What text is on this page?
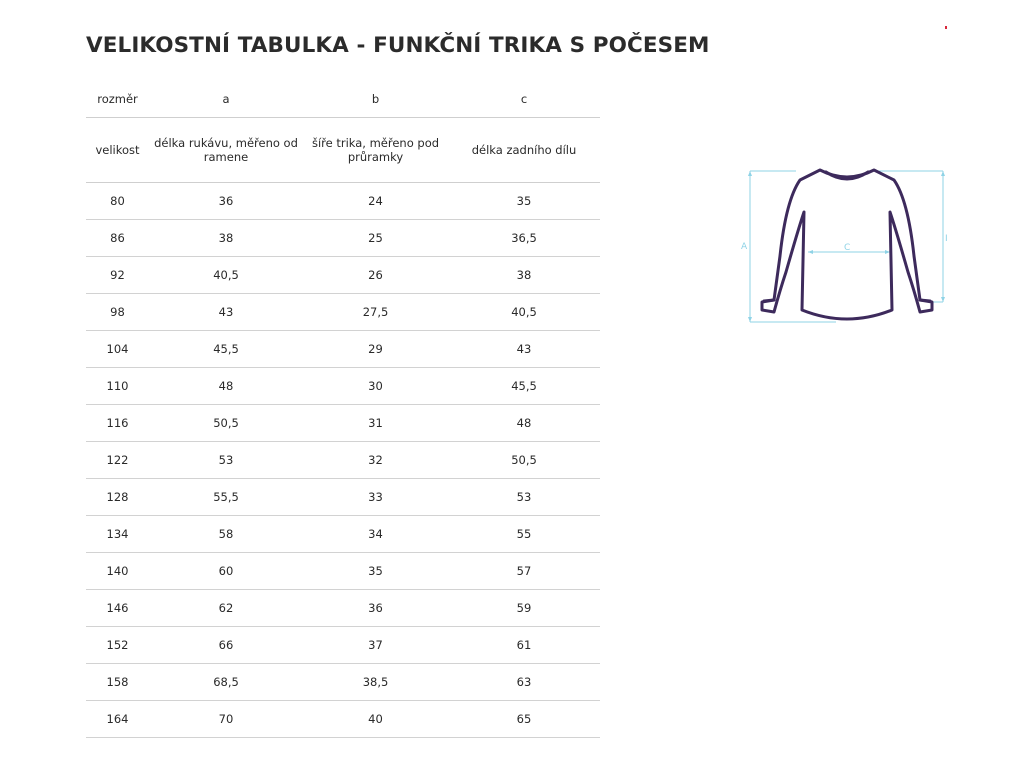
VELIKOSTNÍ TABULKA - FUNKČNÍ TRIKA S POČESEM
rozměr	a	b	c
velikost	délka rukávu, měřeno od ramene	šíře trika, měřeno pod průramky	délka zadního dílu
80	36	24	35
86	38	25	36,5
92	40,5	26	38
98	43	27,5	40,5
104	45,5	29	43
110	48	30	45,5
116	50,5	31	48
122	53	32	50,5
128	55,5	33	53
134	58	34	55
140	60	35	57
146	62	36	59
152	66	37	61
158	68,5	38,5	63
164	70	40	65
A	C
I
